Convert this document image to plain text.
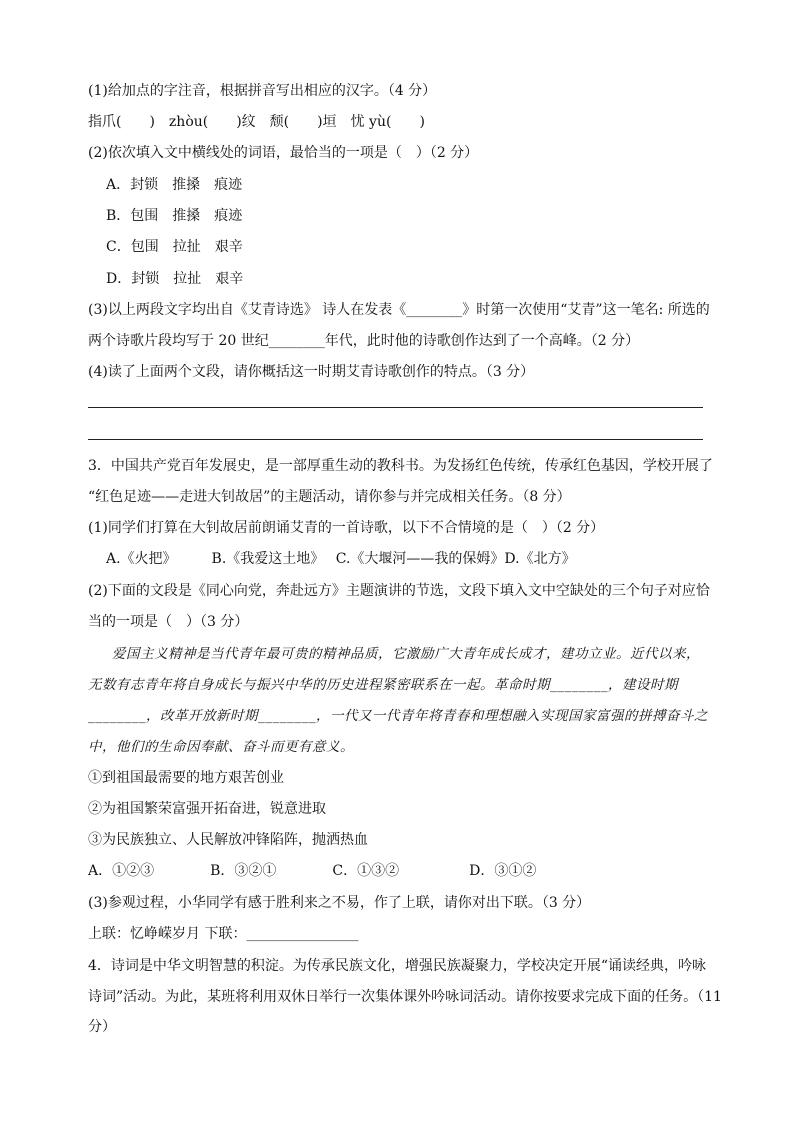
(1)给加点的字注音，根据拼音写出相应的汉字。（4 分）
指爪(　　)　zhòu(　　)纹　颓(　　)垣　忧 yù(　　)
(2)依次填入文中横线处的词语，最恰当的一项是（　）（2 分）
A．封锁　推搡　痕迹
B．包围　推搡　痕迹
C．包围　拉扯　艰辛
D．封锁　拉扯　艰辛
(3)以上两段文字均出自《艾青诗选》 诗人在发表《________》时第一次使用“艾青”这一笔名: 所选的
两个诗歌片段均写于 20 世纪________年代，此时他的诗歌创作达到了一个高峰。（2 分）
(4)读了上面两个文段，请你概括这一时期艾青诗歌创作的特点。（3 分）
3．中国共产党百年发展史，是一部厚重生动的教科书。为发扬红色传统，传承红色基因，学校开展了
“红色足迹——走进大钊故居”的主题活动，请你参与并完成相关任务。（8 分）
(1)同学们打算在大钊故居前朗诵艾青的一首诗歌，以下不合情境的是（　）（2 分）
A.《火把》　　　B.《我爱这土地》　 C.《大堰河——我的保姆》D.《北方》
(2)下面的文段是《同心向党，奔赴远方》主题演讲的节选，文段下填入文中空缺处的三个句子对应恰
当的一项是（　）（3 分）
爱国主义精神是当代青年最可贵的精神品质，它激励广大青年成长成才，建功立业。近代以来，
无数有志青年将自身成长与振兴中华的历史进程紧密联系在一起。革命时期________，建设时期
________，改革开放新时期________，一代又一代青年将青春和理想融入实现国家富强的拼搏奋斗之
中，他们的生命因奉献、奋斗而更有意义。
①到祖国最需要的地方艰苦创业
②为祖国繁荣富强开拓奋进，锐意进取
③为民族独立、人民解放冲锋陷阵，抛洒热血
A．①②③　　　　B．③②①　　　　C．①③②　　　　　D．③①②
(3)参观过程，小华同学有感于胜利来之不易，作了上联，请你对出下联。（3 分）
上联：忆峥嵘岁月 下联：________________
4．诗词是中华文明智慧的积淀。为传承民族文化，增强民族凝聚力，学校决定开展“诵读经典，吟咏
诗词”活动。为此，某班将利用双休日举行一次集体课外吟咏词活动。请你按要求完成下面的任务。（11
分）
